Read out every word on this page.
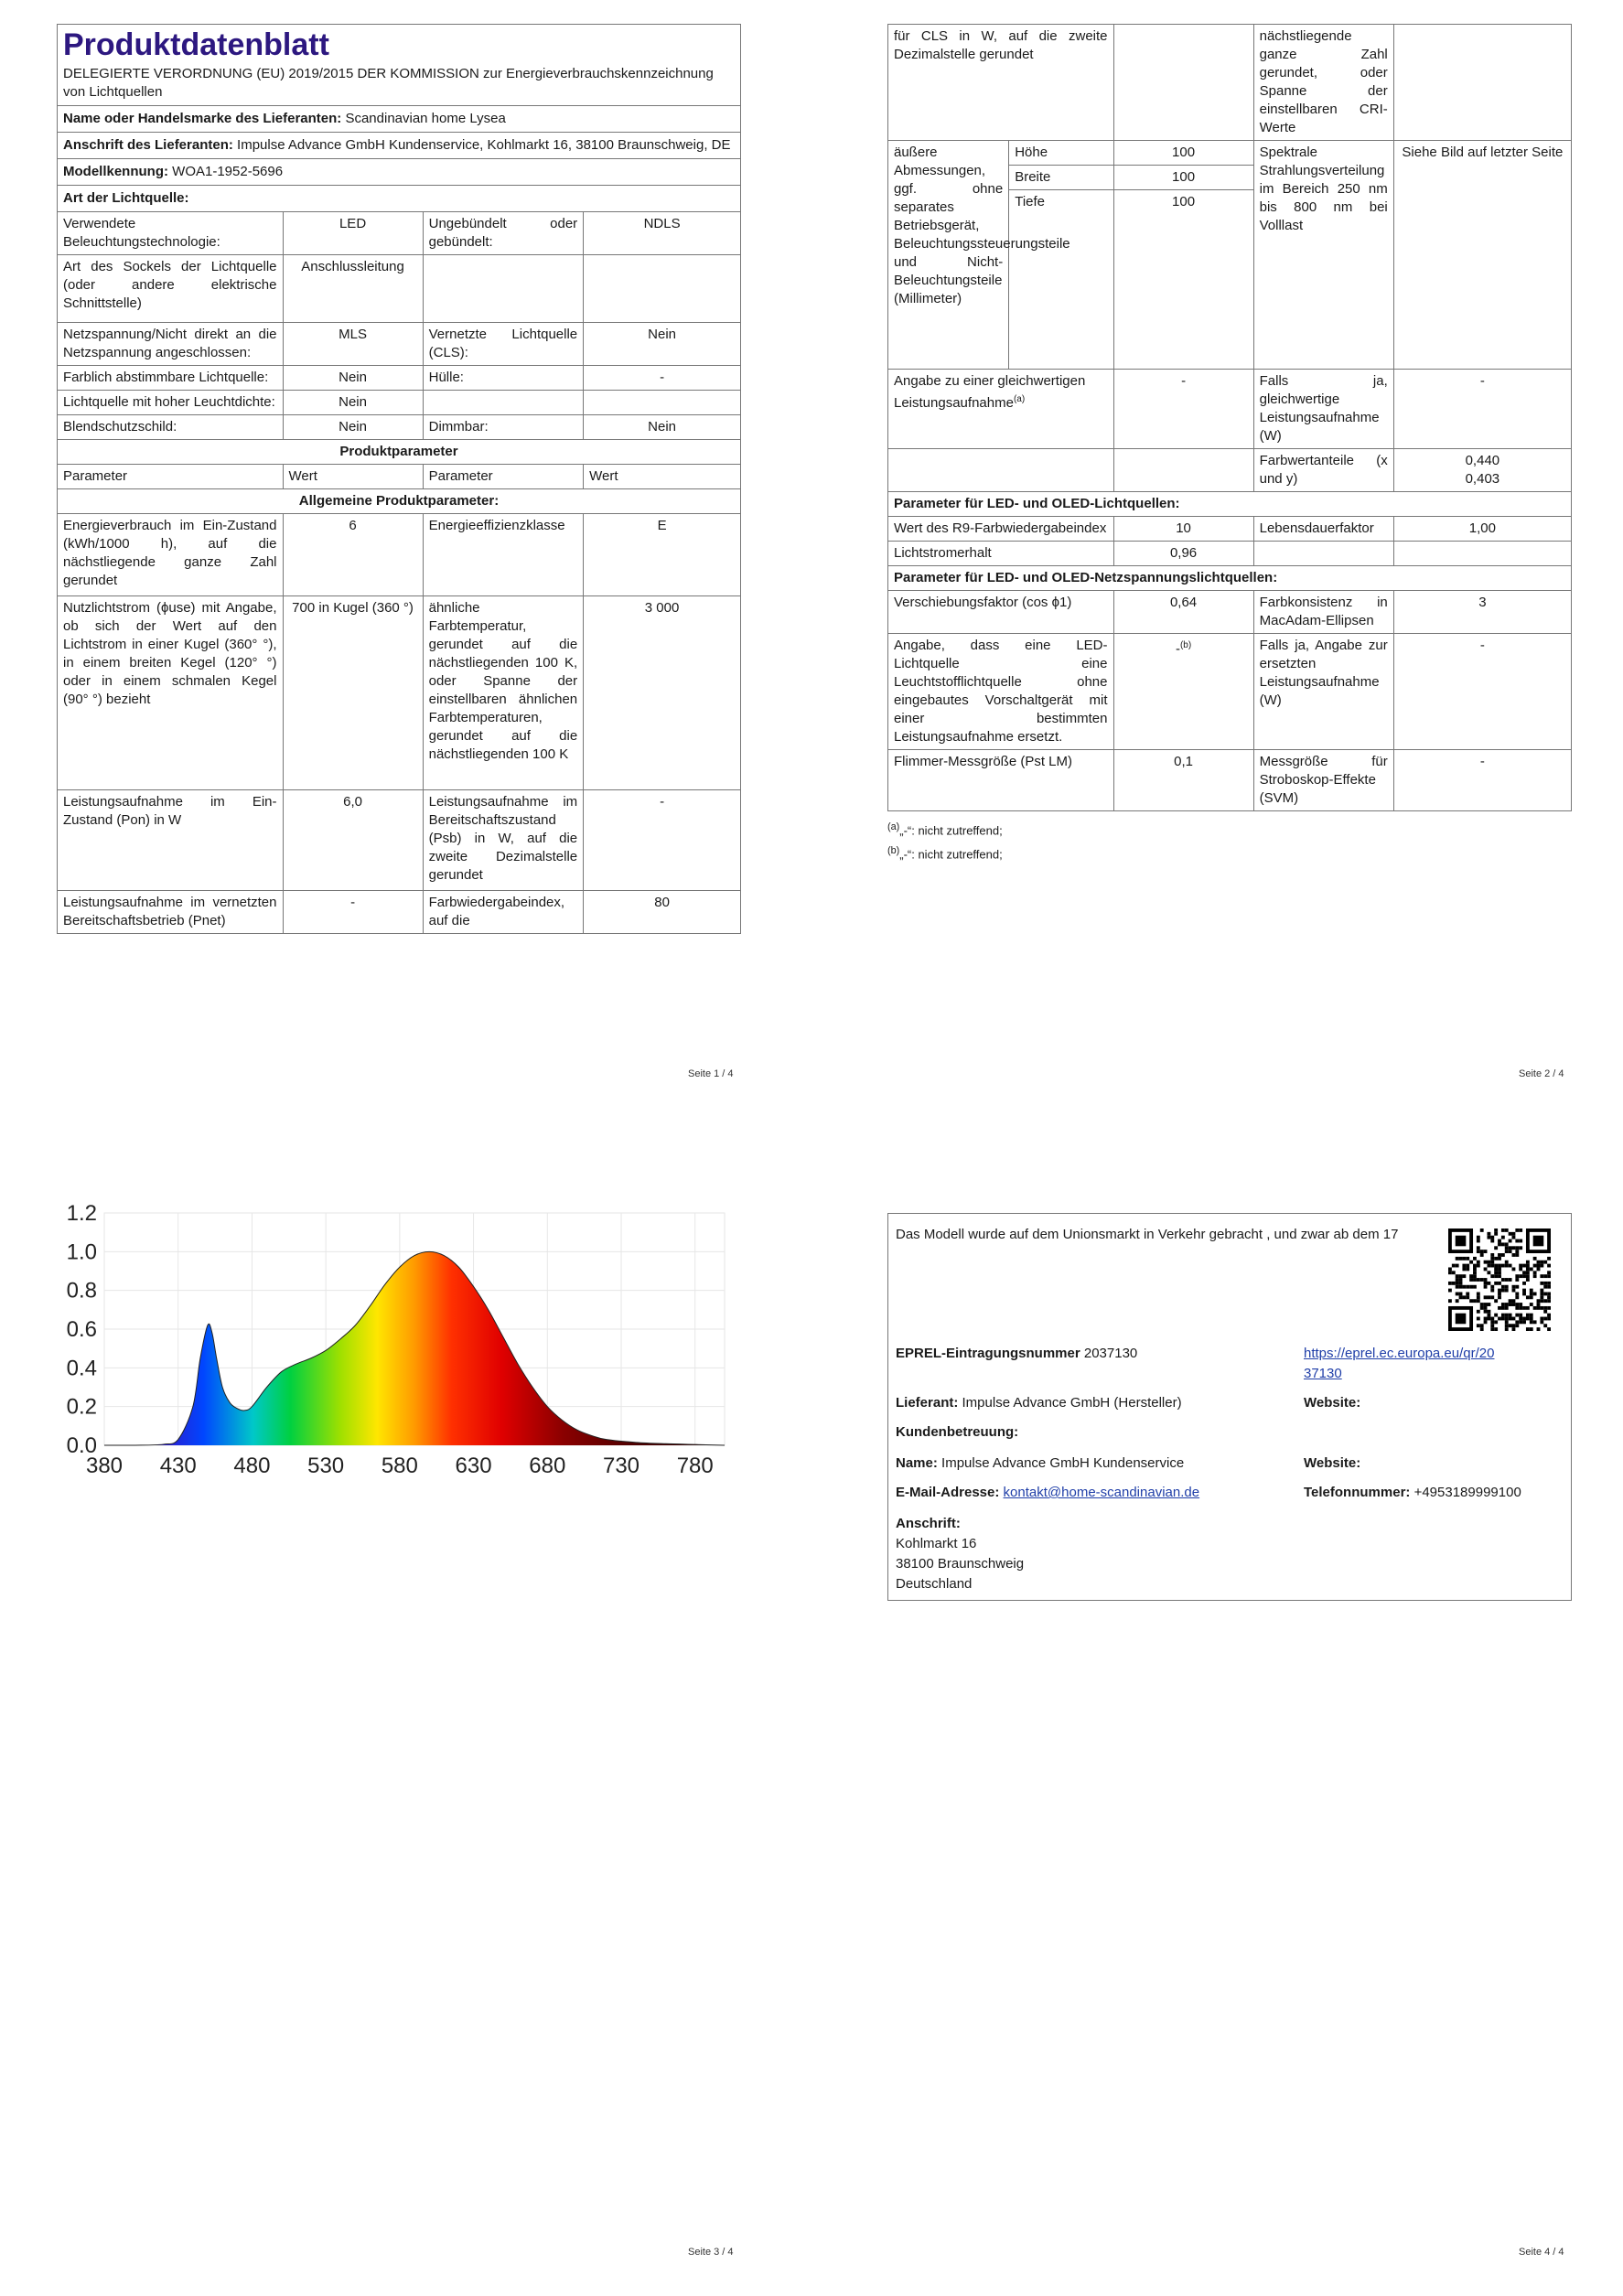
Produktdatenblatt
DELEGIERTE VERORDNUNG (EU) 2019/2015 DER KOMMISSION zur Energieverbrauchskennzeichnung von Lichtquellen
Name oder Handelsmarke des Lieferanten: Scandinavian home Lysea
Anschrift des Lieferanten: Impulse Advance GmbH Kundenservice, Kohlmarkt 16, 38100 Braunschweig, DE
Modellkennung: WOA1-1952-5696
Art der Lichtquelle:
Verwendete Beleuchtungstechnologie:	LED	Ungebündelt oder gebündelt:	NDLS
Art des Sockels der Lichtquelle (oder andere elektrische Schnittstelle)	Anschlussleitung		
Netzspannung/Nicht direkt an die Netzspannung angeschlossen:	MLS	Vernetzte Lichtquelle (CLS):	Nein
Farblich abstimmbare Lichtquelle:	Nein	Hülle:	-
Lichtquelle mit hoher Leuchtdichte:	Nein		
Blendschutzschild:	Nein	Dimmbar:	Nein
Produktparameter			
Parameter	Wert	Parameter	Wert
Allgemeine Produktparameter:			
Energieverbrauch im Ein-Zustand (kWh/1000 h), auf die nächstliegende ganze Zahl gerundet	6	Energieeffizienzklasse	E
Nutzlichtstrom (ϕuse) mit Angabe, ob sich der Wert auf den Lichtstrom in einer Kugel (360° °), in einem breiten Kegel (120° °) oder in einem schmalen Kegel (90° °) bezieht	700 in Kugel (360 °)	ähnliche Farbtemperatur, gerundet auf die nächstliegenden 100 K, oder Spanne der einstellbaren ähnlichen Farbtemperaturen, gerundet auf die nächstliegenden 100 K	3 000
Leistungsaufnahme im Ein-Zustand (Pon) in W	6,0	Leistungsaufnahme im Bereitschaftszustand (Psb) in W, auf die zweite Dezimalstelle gerundet	-
Leistungsaufnahme im vernetzten Bereitschaftsbetrieb (Pnet)	-	Farbwiedergabeindex, auf die	80
Seite 1 / 4
für CLS in W, auf die zweite Dezimalstelle gerundet			nächstliegende ganze Zahl gerundet, oder Spanne der einstellbaren CRI-Werte	
äußere Abmessungen, ggf. ohne separates Betriebsgerät, Beleuchtungssteuerungsteile und Nicht-Beleuchtungsteile (Millimeter)	Höhe	100	Spektrale Strahlungsverteilung im Bereich 250 nm bis 800 nm bei Volllast	Siehe Bild auf letzter Seite
	Breite	100		
	Tiefe	100		
Angabe zu einer gleichwertigen Leistungsaufnahme$^{(a)}$		-	Falls ja, gleichwertige Leistungsaufnahme (W)	-
			Farbwertanteile (x und y)	0,440
0,403

Parameter für LED- und OLED-Lichtquellen:				
Wert des R9-Farbwiedergabeindex		10	Lebensdauerfaktor	1,00
Lichtstromerhalt		0,96		
Parameter für LED- und OLED-Netzspannungslichtquellen:				
Verschiebungsfaktor (cos ϕ1)		0,64	Farbkonsistenz in MacAdam-Ellipsen	3
Angabe, dass eine LED-Lichtquelle eine Leuchtstofflichtquelle ohne eingebautes Vorschaltgerät mit einer bestimmten Leistungsaufnahme ersetzt.		-$^{(b)}$	Falls ja, Angabe zur ersetzten Leistungsaufnahme (W)	-
Flimmer-Messgröße (Pst LM)		0,1	Messgröße für Stroboskop-Effekte (SVM)	-
$^{(a)}$„-“: nicht zutreffend;
$^{(b)}$„-“: nicht zutreffend;
Seite 2 / 4
0.0
0.2
0.4
0.6
0.8
1.0
1.2
380 430 480 530 580 630 680 730 780
Seite 3 / 4
Das Modell wurde auf dem Unionsmarkt in Verkehr gebracht , und zwar ab dem 17
EPREL-Eintragungsnummer 2037130	https://eprel.ec.europa.eu/qr/20
37130
Lieferant: Impulse Advance GmbH (Hersteller)	Website:
Kundenbetreuung:
Name: Impulse Advance GmbH Kundenservice	Website:
E-Mail-Adresse: kontakt@home-scandinavian.de	Telefonnummer: +4953189999100
Anschrift:
Kohlmarkt 16
38100 Braunschweig
Deutschland
Seite 4 / 4
